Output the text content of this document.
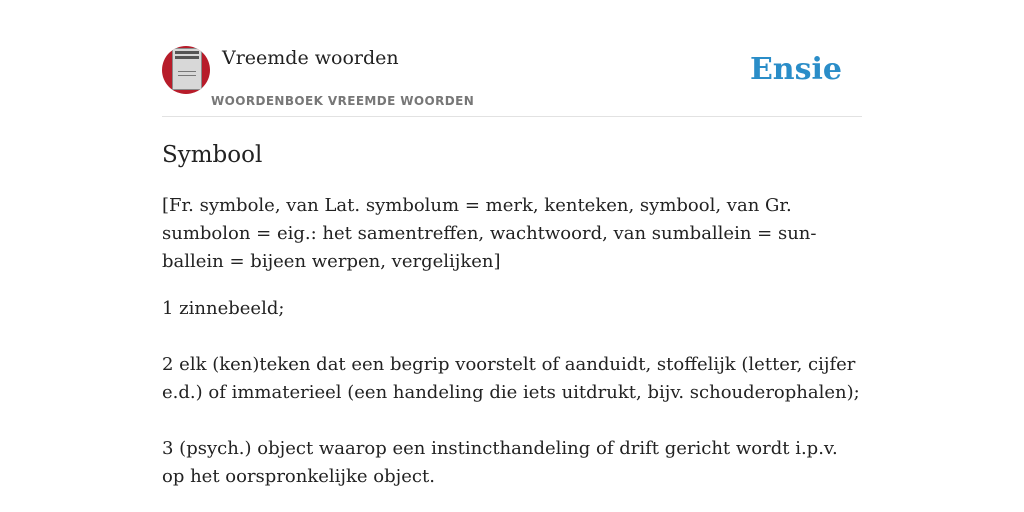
Vreemde woorden
WOORDENBOEK VREEMDE WOORDEN
Ensie
Symbool

[Fr. symbole, van Lat. symbolum = merk, kenteken, symbool, van Gr. sumbolon = eig.: het samentreffen, wachtwoord, van sumballein = sun-ballein = bijeen werpen, vergelijken]

1 zinnebeeld;

2 elk (ken)teken dat een begrip voorstelt of aanduidt, stoffelijk (letter, cijfer e.d.) of immaterieel (een handeling die iets uitdrukt, bijv. schouderophalen);

3 (psych.) object waarop een instincthandeling of drift gericht wordt i.p.v. op het oorspronkelijke object.
